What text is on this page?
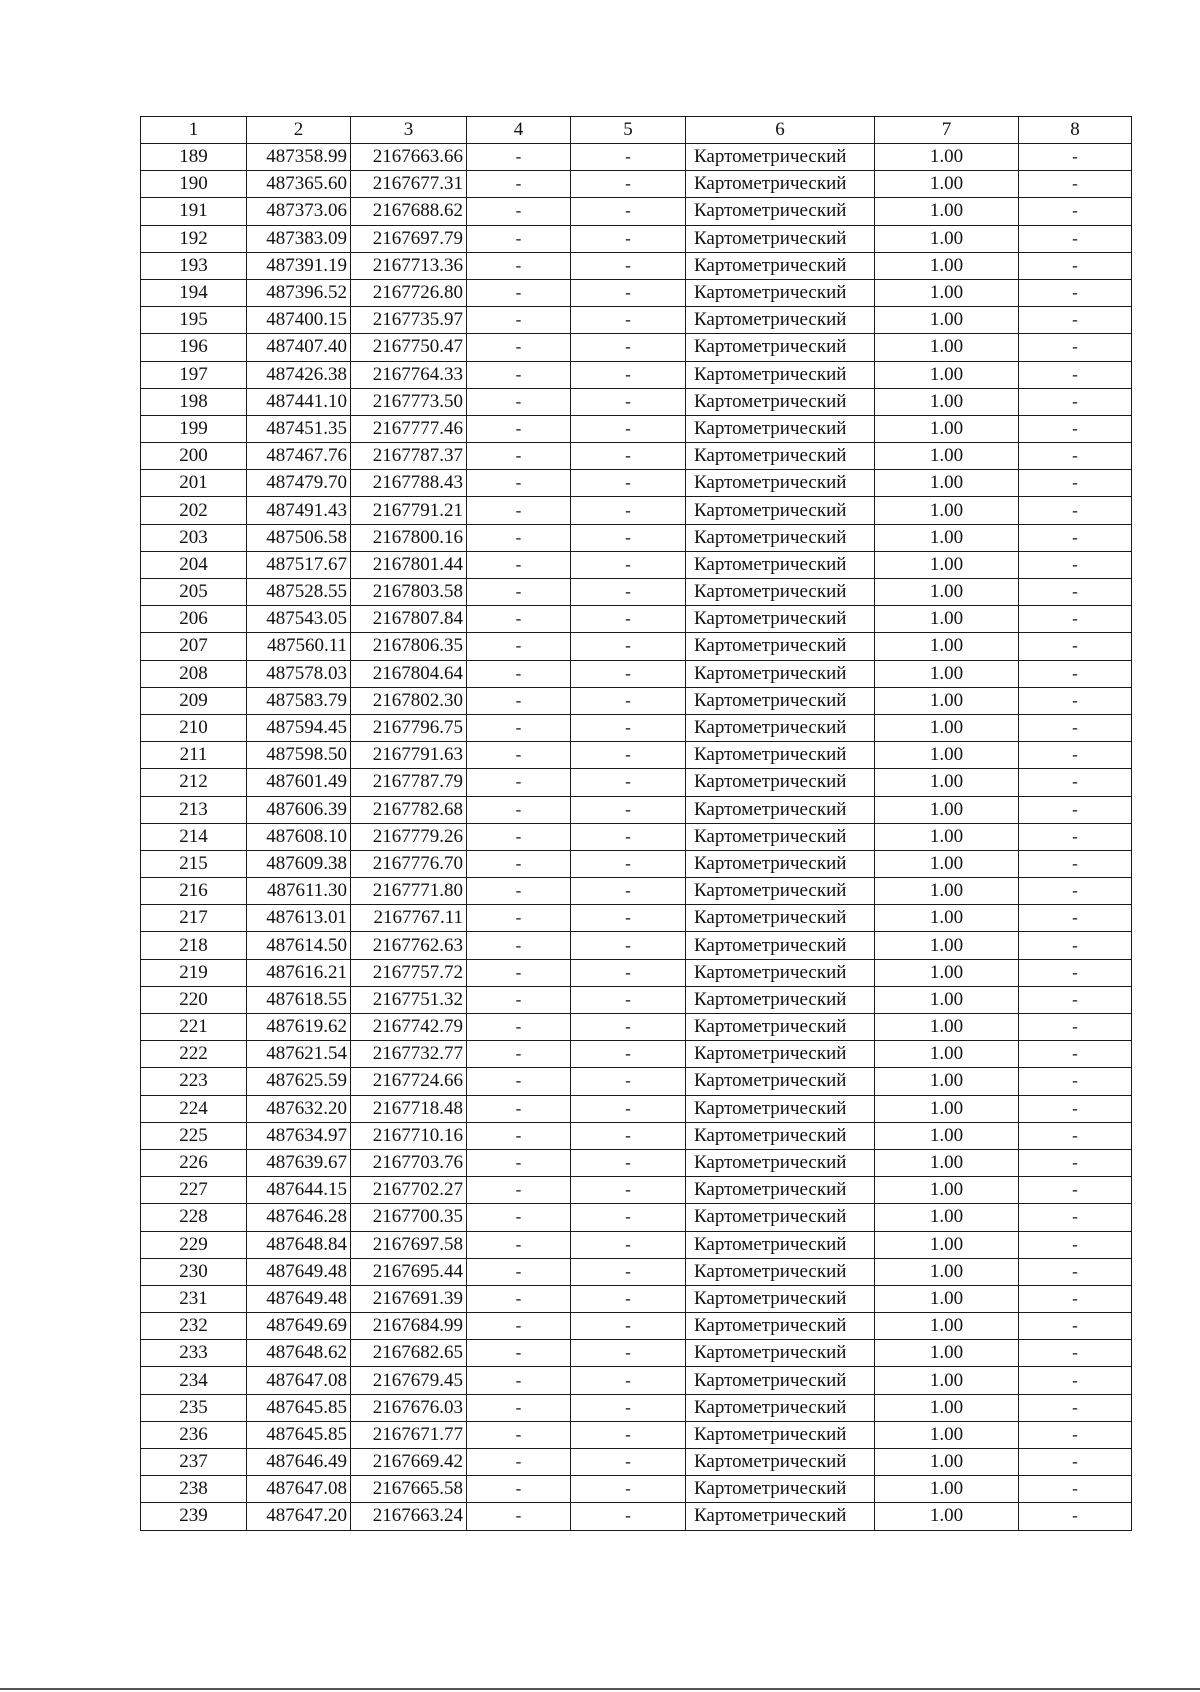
1	2	3	4	5	6	7	8
189	487358.99	2167663.66	-	-	Картометрический	1.00	-
190	487365.60	2167677.31	-	-	Картометрический	1.00	-
191	487373.06	2167688.62	-	-	Картометрический	1.00	-
192	487383.09	2167697.79	-	-	Картометрический	1.00	-
193	487391.19	2167713.36	-	-	Картометрический	1.00	-
194	487396.52	2167726.80	-	-	Картометрический	1.00	-
195	487400.15	2167735.97	-	-	Картометрический	1.00	-
196	487407.40	2167750.47	-	-	Картометрический	1.00	-
197	487426.38	2167764.33	-	-	Картометрический	1.00	-
198	487441.10	2167773.50	-	-	Картометрический	1.00	-
199	487451.35	2167777.46	-	-	Картометрический	1.00	-
200	487467.76	2167787.37	-	-	Картометрический	1.00	-
201	487479.70	2167788.43	-	-	Картометрический	1.00	-
202	487491.43	2167791.21	-	-	Картометрический	1.00	-
203	487506.58	2167800.16	-	-	Картометрический	1.00	-
204	487517.67	2167801.44	-	-	Картометрический	1.00	-
205	487528.55	2167803.58	-	-	Картометрический	1.00	-
206	487543.05	2167807.84	-	-	Картометрический	1.00	-
207	487560.11	2167806.35	-	-	Картометрический	1.00	-
208	487578.03	2167804.64	-	-	Картометрический	1.00	-
209	487583.79	2167802.30	-	-	Картометрический	1.00	-
210	487594.45	2167796.75	-	-	Картометрический	1.00	-
211	487598.50	2167791.63	-	-	Картометрический	1.00	-
212	487601.49	2167787.79	-	-	Картометрический	1.00	-
213	487606.39	2167782.68	-	-	Картометрический	1.00	-
214	487608.10	2167779.26	-	-	Картометрический	1.00	-
215	487609.38	2167776.70	-	-	Картометрический	1.00	-
216	487611.30	2167771.80	-	-	Картометрический	1.00	-
217	487613.01	2167767.11	-	-	Картометрический	1.00	-
218	487614.50	2167762.63	-	-	Картометрический	1.00	-
219	487616.21	2167757.72	-	-	Картометрический	1.00	-
220	487618.55	2167751.32	-	-	Картометрический	1.00	-
221	487619.62	2167742.79	-	-	Картометрический	1.00	-
222	487621.54	2167732.77	-	-	Картометрический	1.00	-
223	487625.59	2167724.66	-	-	Картометрический	1.00	-
224	487632.20	2167718.48	-	-	Картометрический	1.00	-
225	487634.97	2167710.16	-	-	Картометрический	1.00	-
226	487639.67	2167703.76	-	-	Картометрический	1.00	-
227	487644.15	2167702.27	-	-	Картометрический	1.00	-
228	487646.28	2167700.35	-	-	Картометрический	1.00	-
229	487648.84	2167697.58	-	-	Картометрический	1.00	-
230	487649.48	2167695.44	-	-	Картометрический	1.00	-
231	487649.48	2167691.39	-	-	Картометрический	1.00	-
232	487649.69	2167684.99	-	-	Картометрический	1.00	-
233	487648.62	2167682.65	-	-	Картометрический	1.00	-
234	487647.08	2167679.45	-	-	Картометрический	1.00	-
235	487645.85	2167676.03	-	-	Картометрический	1.00	-
236	487645.85	2167671.77	-	-	Картометрический	1.00	-
237	487646.49	2167669.42	-	-	Картометрический	1.00	-
238	487647.08	2167665.58	-	-	Картометрический	1.00	-
239	487647.20	2167663.24	-	-	Картометрический	1.00	-
